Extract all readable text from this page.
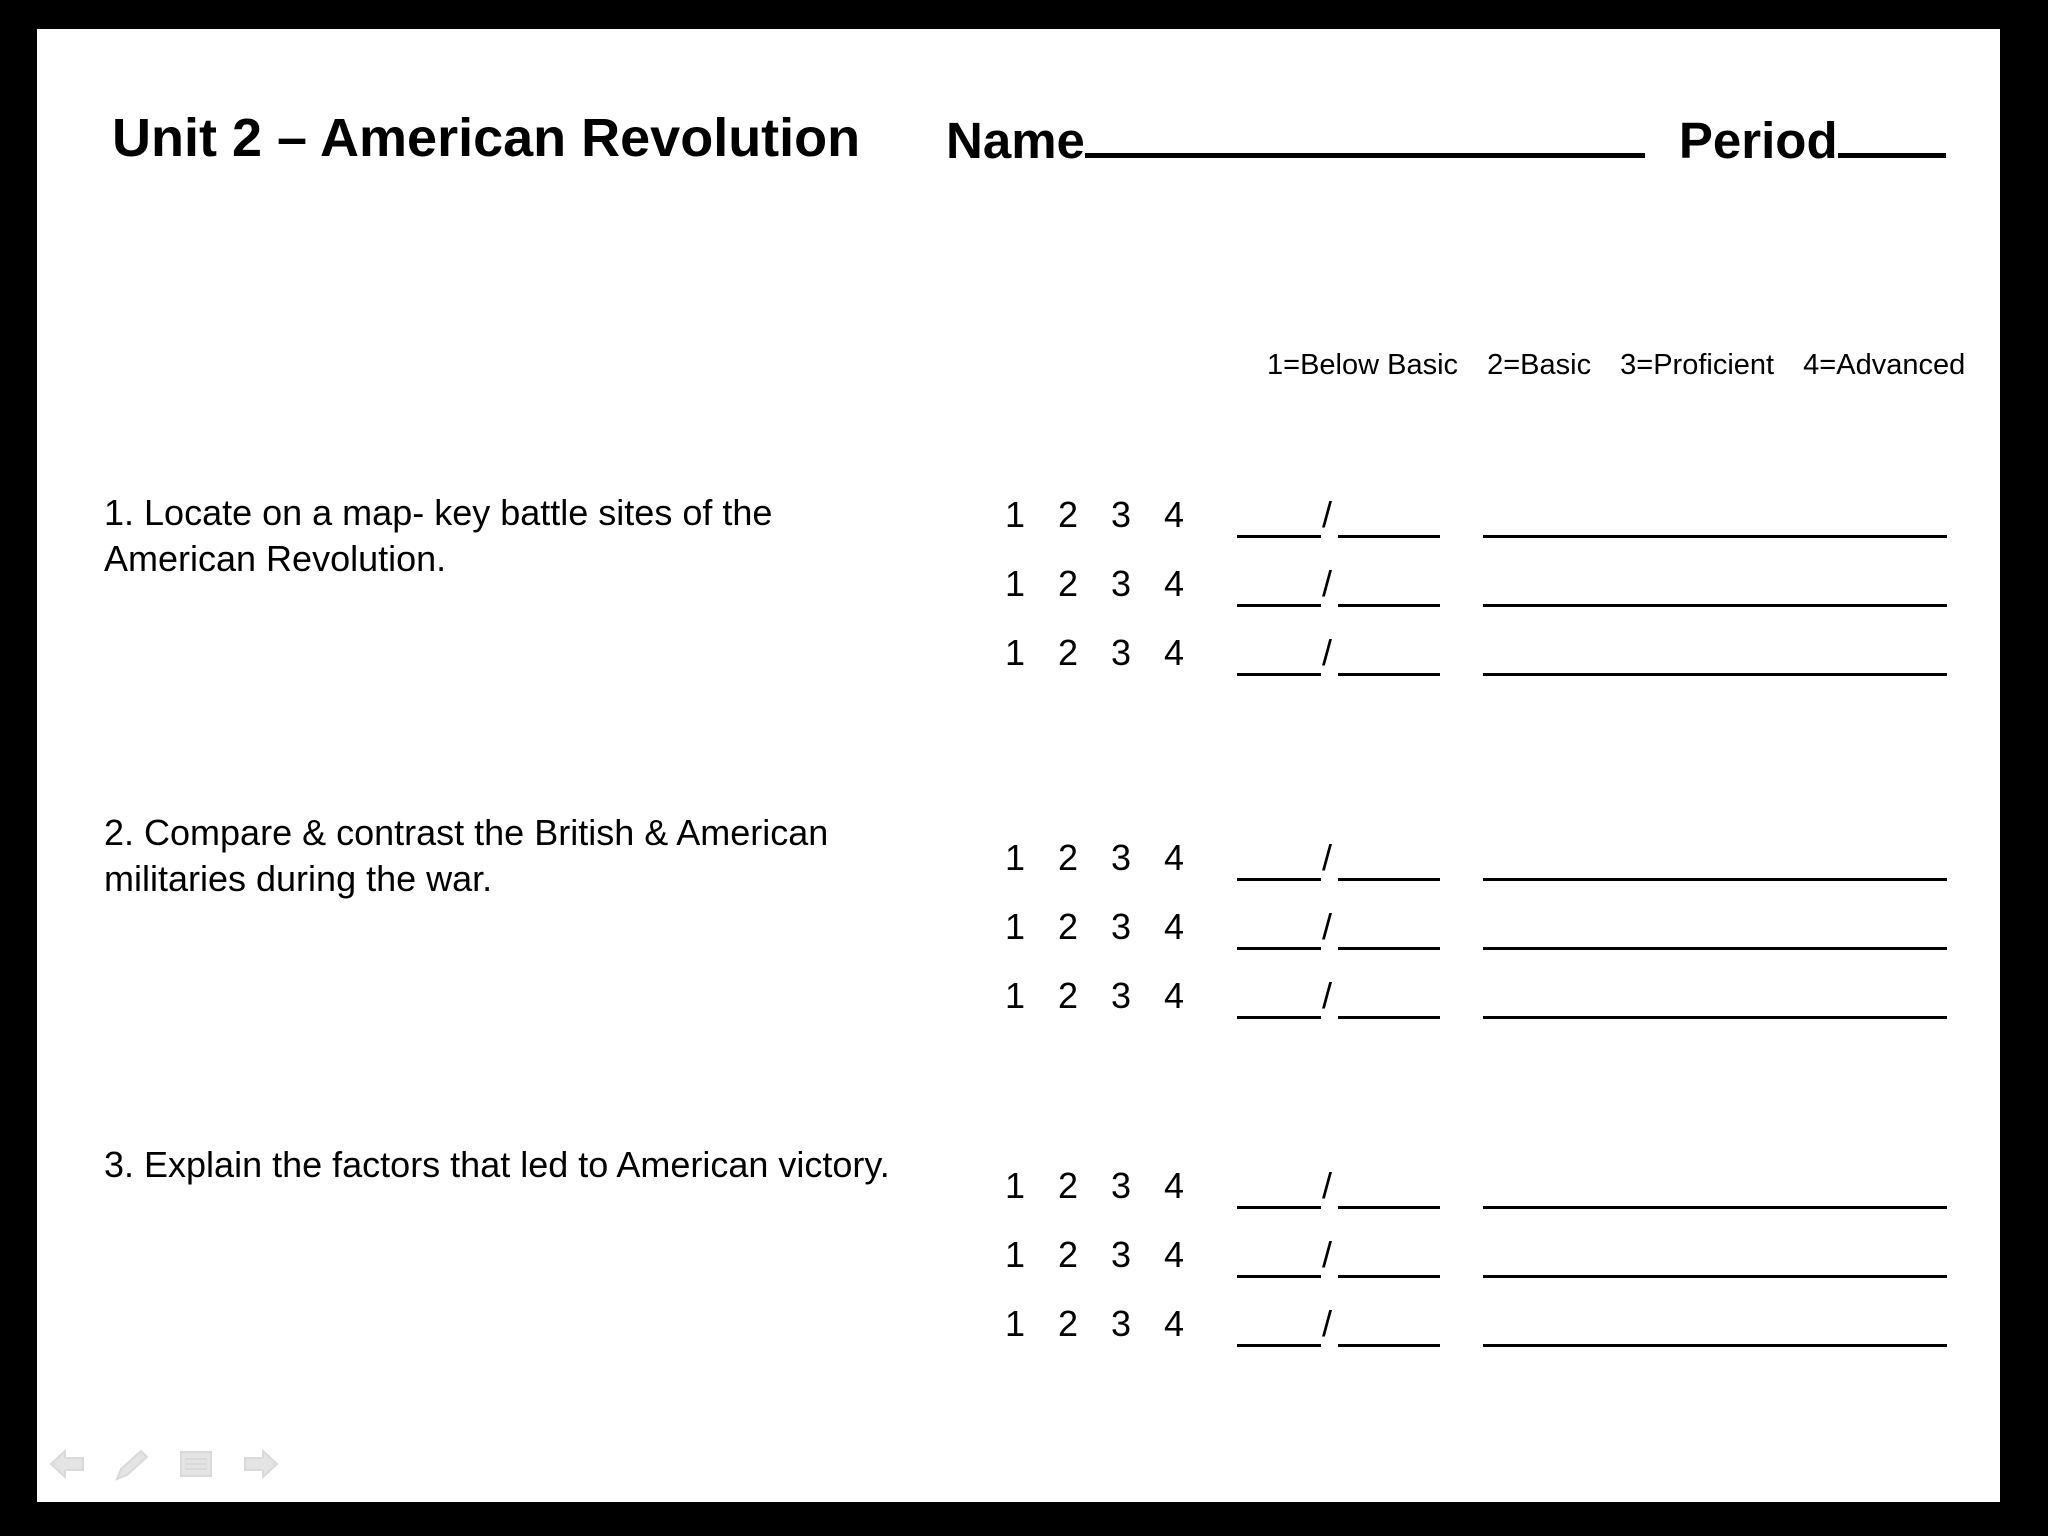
Unit 2 – American Revolution Name	Period
1=Below Basic 2=Basic 3=Proficient 4=Advanced
1. Locate on a map- key battle sites of the American Revolution.
1 2 3 4	/
1 2 3 4	/
1 2 3 4	/
2. Compare & contrast the British & American militaries during the war.
1 2 3 4	/
1 2 3 4	/
1 2 3 4	/
3. Explain the factors that led to American victory.
1 2 3 4	/
1 2 3 4	/
1 2 3 4	/
